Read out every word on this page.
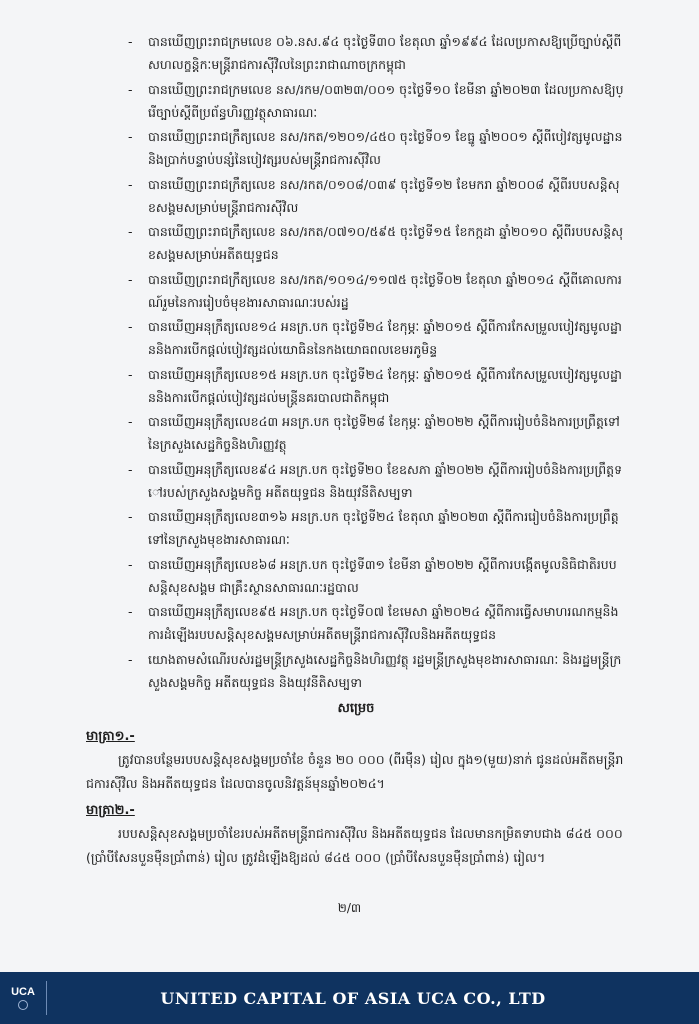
-	បានឃើញព្រះរាជក្រមលេខ ០៦.នស.៩៤ ចុះថ្ងៃទី៣០ ខែតុលា ឆ្នាំ១៩៩៤ ដែលប្រកាសឱ្យប្រើច្បាប់ស្តីពីសហលក្ខន្តិកៈមន្រ្តីរាជការស៊ីវិលនៃព្រះរាជាណាចក្រកម្ពុជា
-	បានឃើញព្រះរាជក្រមលេខ នស/រកម/០៣២៣/០០១ ចុះថ្ងៃទី១០ ខែមីនា ឆ្នាំ២០២៣ ដែលប្រកាសឱ្យប្រើច្បាប់ស្តីពីប្រព័ន្ធហិរញ្ញវត្ថុសាធារណៈ
-	បានឃើញព្រះរាជក្រឹត្យលេខ នស/រកត/១២០១/៤៥០ ចុះថ្ងៃទី០១ ខែធ្នូ ឆ្នាំ២០០១ ស្តីពីបៀវត្សមូលដ្ឋាននិងប្រាក់បន្ទាប់បន្សំនៃបៀវត្សរបស់មន្ត្រីរាជការស៊ីវិល
-	បានឃើញព្រះរាជក្រឹត្យលេខ នស/រកត/០១០៨/០៣៩ ចុះថ្ងៃទី១២ ខែមករា ឆ្នាំ២០០៨ ស្តីពីរបបសន្តិសុខសង្គមសម្រាប់មន្ត្រីរាជការស៊ីវិល
-	បានឃើញព្រះរាជក្រឹត្យលេខ នស/រកត/០៧១០/៥៩៥ ចុះថ្ងៃទី១៥ ខែកក្កដា ឆ្នាំ២០១០ ស្តីពីរបបសន្តិសុខសង្គមសម្រាប់អតីតយុទ្ធជន
-	បានឃើញព្រះរាជក្រឹត្យលេខ នស/រកត/១០១៤/១១៧៥ ចុះថ្ងៃទី០២ ខែតុលា ឆ្នាំ២០១៤ ស្តីពីគោលការណ៍រួមនៃការរៀបចំមុខងារសាធារណៈរបស់រដ្ឋ
-	បានឃើញអនុក្រឹត្យលេខ១៤ អនក្រ.បក ចុះថ្ងៃទី២៤ ខែកុម្ភៈ ឆ្នាំ២០១៥ ស្តីពីការកែសម្រួលបៀវត្សមូលដ្ឋាននិងការបើកផ្តល់បៀវត្សដល់យោធិននៃកងយោធពលខេមរភូមិន្ទ
-	បានឃើញអនុក្រឹត្យលេខ១៥ អនក្រ.បក ចុះថ្ងៃទី២៤ ខែកុម្ភៈ ឆ្នាំ២០១៥ ស្តីពីការកែសម្រួលបៀវត្សមូលដ្ឋាននិងការបើកផ្តល់បៀវត្សដល់មន្ត្រីនគរបាលជាតិកម្ពុជា
-	បានឃើញអនុក្រឹត្យលេខ៤៣ អនក្រ.បក ចុះថ្ងៃទី២៨ ខែកុម្ភៈ ឆ្នាំ២០២២ ស្តីពីការរៀបចំនិងការប្រព្រឹត្តទៅនៃក្រសួងសេដ្ឋកិច្ចនិងហិរញ្ញវត្ថុ
-	បានឃើញអនុក្រឹត្យលេខ៩៤ អនក្រ.បក ចុះថ្ងៃទី២០ ខែឧសភា ឆ្នាំ២០២២ ស្តីពីការរៀបចំនិងការប្រព្រឹត្តទៅរបស់ក្រសួងសង្គមកិច្ច អតីតយុទ្ធជន និងយុវនីតិសម្បទា
-	បានឃើញអនុក្រឹត្យលេខ៣១៦ អនក្រ.បក ចុះថ្ងៃទី២៤ ខែតុលា ឆ្នាំ២០២៣ ស្តីពីការរៀបចំនិងការប្រព្រឹត្តទៅនៃក្រសួងមុខងារសាធារណៈ
-	បានឃើញអនុក្រឹត្យលេខ៦៨ អនក្រ.បក ចុះថ្ងៃទី៣១ ខែមីនា ឆ្នាំ២០២២ ស្តីពីការបង្កើតមូលនិធិជាតិរបបសន្តិសុខសង្គម ជាគ្រឹះស្ថានសាធារណៈរដ្ឋបាល
-	បានឃើញអនុក្រឹត្យលេខ៩៥ អនក្រ.បក ចុះថ្ងៃទី០៧ ខែមេសា ឆ្នាំ២០២៤ ស្តីពីការធ្វើសមាហរណកម្មនិងការដំឡើងរបបសន្តិសុខសង្គមសម្រាប់អតីតមន្ត្រីរាជការស៊ីវិលនិងអតីតយុទ្ធជន
-	យោងតាមសំណើរបស់រដ្ឋមន្ត្រីក្រសួងសេដ្ឋកិច្ចនិងហិរញ្ញវត្ថុ រដ្ឋមន្ត្រីក្រសួងមុខងារសាធារណៈ និងរដ្ឋមន្ត្រីក្រសួងសង្គមកិច្ច អតីតយុទ្ធជន និងយុវនីតិសម្បទា
សម្រេច
មាត្រា១.-
ត្រូវបានបន្ថែមរបបសន្តិសុខសង្គមប្រចាំខែ ចំនួន ២០ ០០០ (ពីរម៉ឺន) រៀល ក្នុង១(មួយ)នាក់ ជូនដល់អតីតមន្ត្រីរាជការស៊ីវិល និងអតីតយុទ្ធជន ដែលបានចូលនិវត្តន៍មុនឆ្នាំ២០២៤។
មាត្រា២.-
របបសន្តិសុខសង្គមប្រចាំខែរបស់អតីតមន្ត្រីរាជការស៊ីវិល និងអតីតយុទ្ធជន ដែលមានកម្រិតទាបជាង ៨៤៥ ០០០ (ប្រាំបីសែនបួនម៉ឺនប្រាំពាន់) រៀល ត្រូវដំឡើងឱ្យដល់ ៨៤៥ ០០០ (ប្រាំបីសែនបួនម៉ឺនប្រាំពាន់) រៀល។
២/៣
UCA	UNITED CAPITAL OF ASIA UCA CO., LTD
